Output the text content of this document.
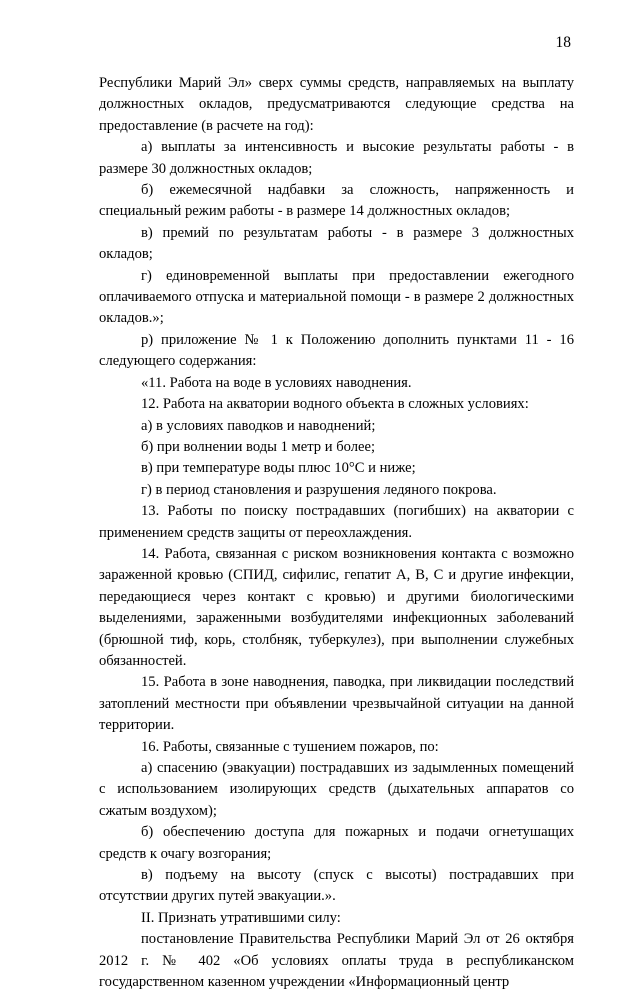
18

Республики Марий Эл» сверх суммы средств, направляемых на выплату должностных окладов, предусматриваются следующие средства на предоставление (в расчете на год):

а) выплаты за интенсивность и высокие результаты работы - в размере 30 должностных окладов;

б) ежемесячной надбавки за сложность, напряженность и специальный режим работы - в размере 14 должностных окладов;

в) премий по результатам работы - в размере 3 должностных окладов;

г) единовременной выплаты при предоставлении ежегодного оплачиваемого отпуска и материальной помощи - в размере 2 должностных окладов.»;

р) приложение № 1 к Положению дополнить пунктами 11 - 16 следующего содержания:

«11. Работа на воде в условиях наводнения.

12. Работа на акватории водного объекта в сложных условиях:

а) в условиях паводков и наводнений;

б) при волнении воды 1 метр и более;

в) при температуре воды плюс 10°С и ниже;

г) в период становления и разрушения ледяного покрова.

13. Работы по поиску пострадавших (погибших) на акватории с применением средств защиты от переохлаждения.

14. Работа, связанная с риском возникновения контакта с возможно зараженной кровью (СПИД, сифилис, гепатит А, В, С и другие инфекции, передающиеся через контакт с кровью) и другими биологическими выделениями, зараженными возбудителями инфекционных заболеваний (брюшной тиф, корь, столбняк, туберкулез), при выполнении служебных обязанностей.

15. Работа в зоне наводнения, паводка, при ликвидации последствий затоплений местности при объявлении чрезвычайной ситуации на данной территории.

16. Работы, связанные с тушением пожаров, по:

а) спасению (эвакуации) пострадавших из задымленных помещений с использованием изолирующих средств (дыхательных аппаратов со сжатым воздухом);

б) обеспечению доступа для пожарных и подачи огнетушащих средств к очагу возгорания;

в) подъему на высоту (спуск с высоты) пострадавших при отсутствии других путей эвакуации.».

II. Признать утратившими силу:

постановление Правительства Республики Марий Эл от 26 октября 2012 г. № 402 «Об условиях оплаты труда в республиканском государственном казенном учреждении «Информационный центр
